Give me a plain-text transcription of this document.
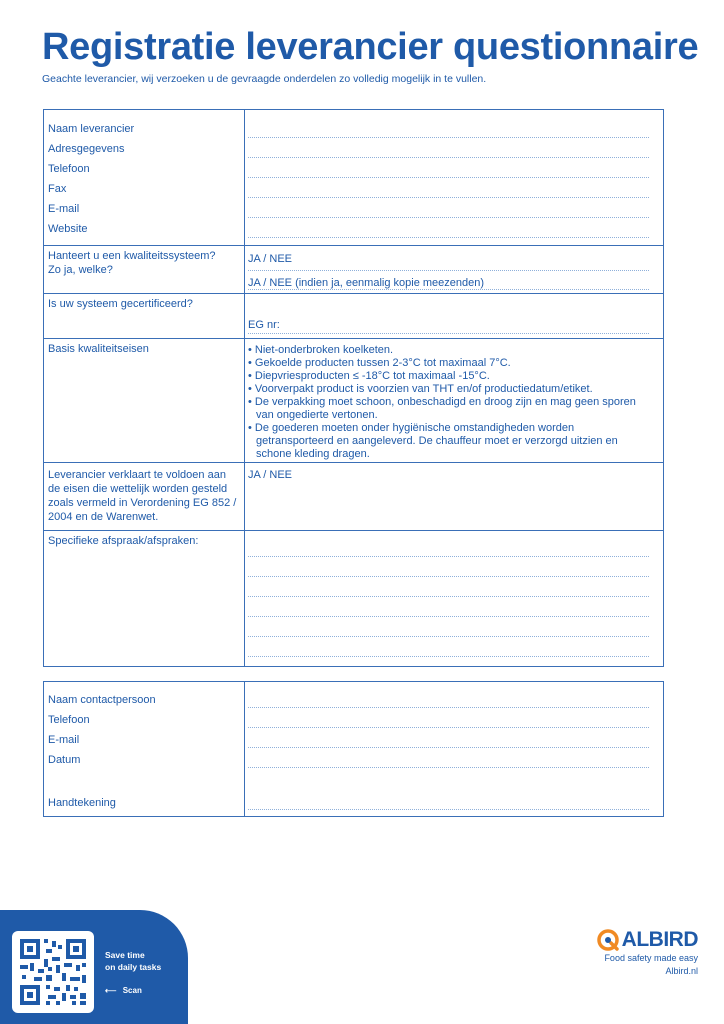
Registratie leverancier questionnaire

Geachte leverancier, wij verzoeken u de gevraagde onderdelen zo volledig mogelijk in te vullen.

Naam leverancier
Adresgegevens
Telefoon
Fax
E-mail
Website
Hanteert u een kwaliteitssysteem?
Zo ja, welke?
JA / NEE
JA / NEE (indien ja, eenmalig kopie meezenden)
Is uw systeem gecertificeerd?
EG nr:
Basis kwaliteitseisen	• Niet-onderbroken koelketen.
• Gekoelde producten tussen 2-3°C tot maximaal 7°C.
• Diepvriesproducten ≤ -18°C tot maximaal -15°C.
• Voorverpakt product is voorzien van THT en/of productiedatum/etiket.
• De verpakking moet schoon, onbeschadigd en droog zijn en mag geen sporen van ongedierte vertonen.
• De goederen moeten onder hygiënische omstandigheden worden getransporteerd en aangeleverd. De chauffeur moet er verzorgd uitzien en schone kleding dragen.
Leverancier verklaart te voldoen aan de eisen die wettelijk worden gesteld zoals vermeld in Verordening EG 852 / 2004 en de Warenwet.
JA / NEE
Specifieke afspraak/afspraken:
Naam contactpersoon
Telefoon
E-mail
Datum
Handtekening
Save time
on daily tasks
⟵ Scan
ALBIRD
Food safety made easy
Albird.nl
